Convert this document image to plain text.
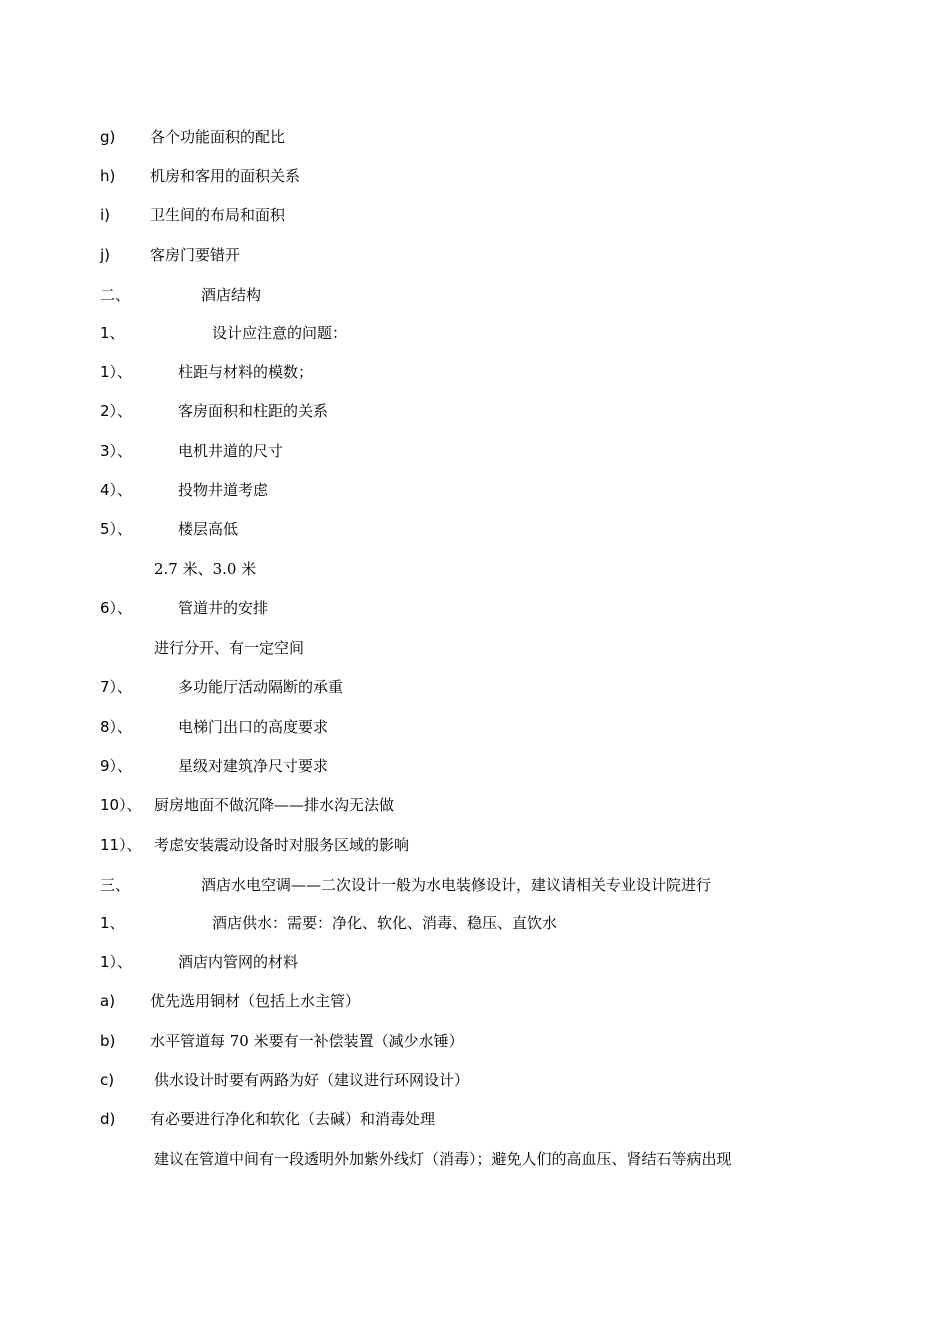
g) 各个功能面积的配比
h) 机房和客用的面积关系
i)	卫生间的布局和面积
j)	客房门要错开
二、	酒店结构
1、	设计应注意的问题：
1）、	柱距与材料的模数；
2）、	客房面积和柱距的关系
3）、	电机井道的尺寸
4）、	投物井道考虑
5）、	楼层高低
2.7 米、3.0 米
6）、	管道井的安排
进行分开、有一定空间
7）、	多功能厅活动隔断的承重
8）、	电梯门出口的高度要求
9）、	星级对建筑净尺寸要求
10）、 厨房地面不做沉降——排水沟无法做
11）、 考虑安装震动设备时对服务区域的影响
三、	酒店水电空调——二次设计一般为水电装修设计，建议请相关专业设计院进行
1、	酒店供水：需要：净化、软化、消毒、稳压、直饮水
1）、	酒店内管网的材料
a) 优先选用铜材（包括上水主管）
b) 水平管道每 70 米要有一补偿装置（减少水锤）
c)	供水设计时要有两路为好（建议进行环网设计）
d) 有必要进行净化和软化（去碱）和消毒处理
建议在管道中间有一段透明外加紫外线灯（消毒）；避免人们的高血压、肾结石等病出现
